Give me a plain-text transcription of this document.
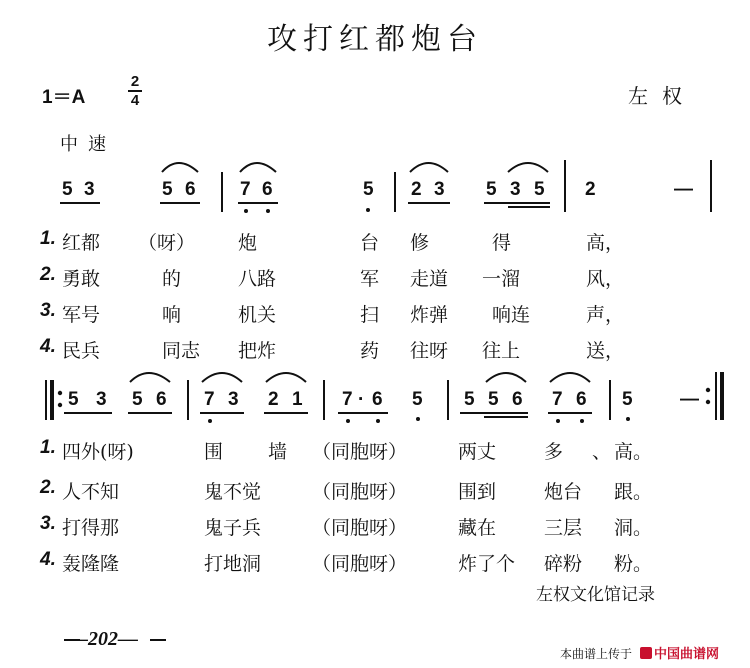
攻打红都炮台
1＝A
2
4	左权
中速
5 3	5 6 7 6	5 2 3 5 3 5 2	—
1. 红都 （呀） 炮	台 修	得	高，
2. 勇敢	的	八路	军 走道 一溜	风，
3. 军号	响	机关	扫 炸弹 响连	声，
4. 民兵	同志 把炸	药 往呀 往上	送，
5 3 5 6 7 3 2 1 7 · 6 5 5 5 6 7 6 5 —
1. 四外(呀)	围 墙 （同胞呀）	两丈	多 、 高。
2. 人不知	鬼不觉	（同胞呀）	围到	炮台 跟。
3. 打得那	鬼子兵	（同胞呀）	藏在	三层 洞。
4. 轰隆隆	打地洞	（同胞呀）	炸了个 碎粉 粉。
左权文化馆记录
—202—
本曲谱上传于	中国曲谱网
